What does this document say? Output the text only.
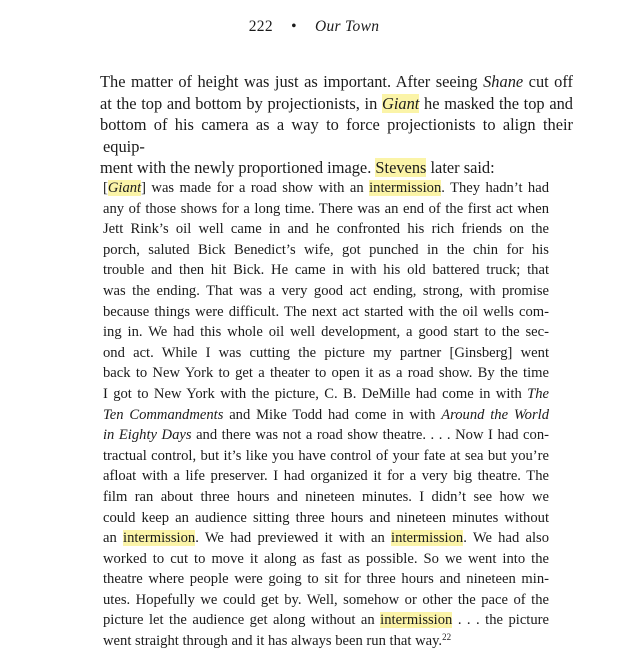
222 • Our Town
The matter of height was just as important. After seeing Shane cut off
at the top and bottom by projectionists, in Giant he masked the top and
bottom of his camera as a way to force projectionists to align their equip-
ment with the newly proportioned image. Stevens later said:
[Giant] was made for a road show with an intermission. They hadn’t had
any of those shows for a long time. There was an end of the first act when
Jett Rink’s oil well came in and he confronted his rich friends on the
porch, saluted Bick Benedict’s wife, got punched in the chin for his
trouble and then hit Bick. He came in with his old battered truck; that
was the ending. That was a very good act ending, strong, with promise
because things were difficult. The next act started with the oil wells com-
ing in. We had this whole oil well development, a good start to the sec-
ond act. While I was cutting the picture my partner [Ginsberg] went
back to New York to get a theater to open it as a road show. By the time
I got to New York with the picture, C. B. DeMille had come in with The
Ten Commandments and Mike Todd had come in with Around the World
in Eighty Days and there was not a road show theatre. . . . Now I had con-
tractual control, but it’s like you have control of your fate at sea but you’re
afloat with a life preserver. I had organized it for a very big theatre. The
film ran about three hours and nineteen minutes. I didn’t see how we
could keep an audience sitting three hours and nineteen minutes without
an intermission. We had previewed it with an intermission. We had also
worked to cut to move it along as fast as possible. So we went into the
theatre where people were going to sit for three hours and nineteen min-
utes. Hopefully we could get by. Well, somehow or other the pace of the
picture let the audience get along without an intermission . . . the picture
went straight through and it has always been run that way.$^{22}$
